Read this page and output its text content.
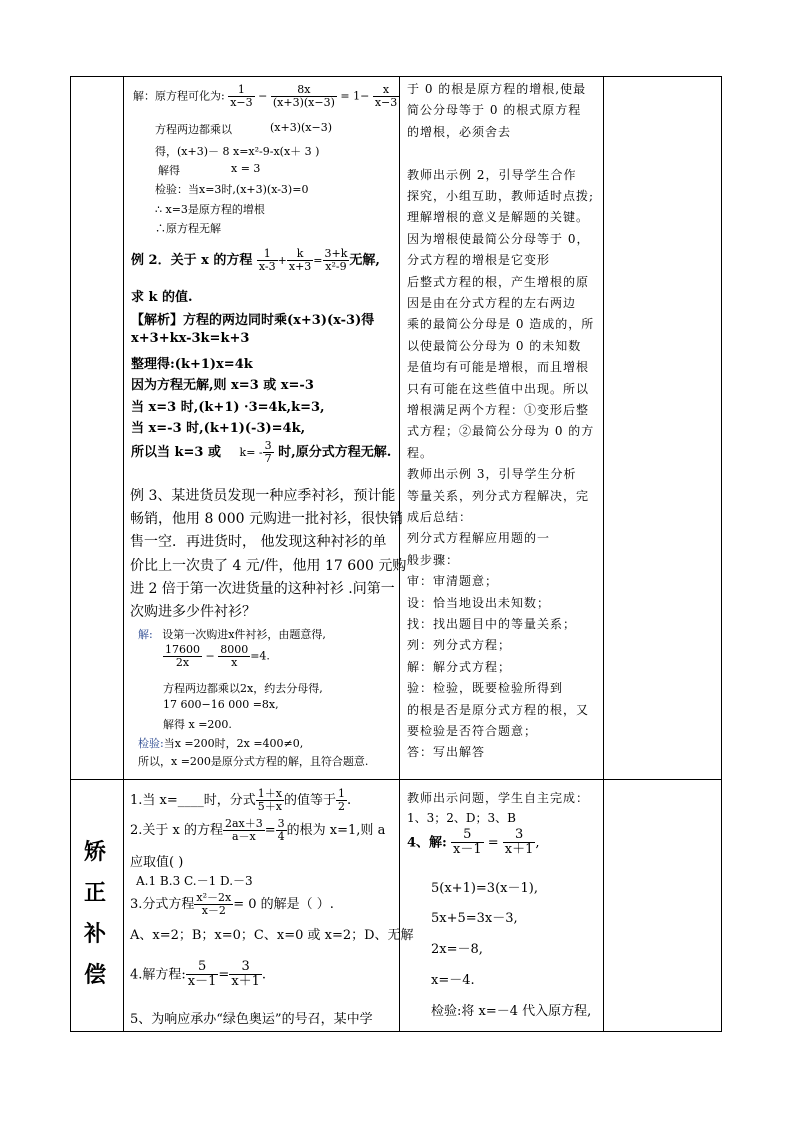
解：原方程可化为: $\frac{1}{x-3} - \frac{8x}{(x+3)(x-3)} = 1- \frac{x}{x-3}$
方程两边都乘以	(x+3)(x−3)
得，(x+3)－ 8 x=x²-9-x(x＋ 3 )
解得	x = 3
检验：当x=3时,(x+3)(x-3)=0
∴ x=3是原方程的增根
∴原方程无解
例 2．关于 x 的方程 $\frac{1}{x-3} + \frac{k}{x+3} = \frac{3+k}{\text{x²-9}}$ 无解,
求 k 的值.
【解析】方程的两边同时乘(x+3)(x-3)得
x+3+kx-3k=k+3
整理得:(k+1)x=4k
因为方程无解,则 x=3 或 x=-3
当 x=3 时,(k+1) ·3=4k,k=3,
当 x=-3 时,(k+1)(-3)=4k,
所以当 k=3 或 $k= - \frac{3}{7}$ 时,原分式方程无解.
例 3、某进货员发现一种应季衬衫，预计能
畅销，他用 8 000 元购进一批衬衫，很快销
售一空．再进货时， 他发现这种衬衫的单
价比上一次贵了 4 元/件，他用 17 600 元购
进 2 倍于第一次进货量的这种衬衫 .问第一
次购进多少件衬衫？
解: 设第一次购进x件衬衫，由题意得,
$\frac{17600}{2x} - \frac{8000}{x} =4$.
方程两边都乘以2x，约去分母得,
17 600−16 000 =8x,
解得 x =200.
检验:当x =200时，2x =400≠0,
所以，x =200是原分式方程的解，且符合题意.
于 0 的根是原方程的增根,使最
简公分母等于 0 的根式原方程
的增根，必须舍去
教师出示例 2，引导学生合作
探究，小组互助，教师适时点拨;
理解增根的意义是解题的关键。
因为增根使最简公分母等于 0，
分式方程的增根是它变形
后整式方程的根，产生增根的原
因是由在分式方程的左右两边
乘的最简公分母是 0 造成的，所
以使最简公分母为 0 的未知数
是值均有可能是增根，而且增根
只有可能在这些值中出现。所以
增根满足两个方程：①变形后整
式方程；②最简公分母为 0 的方
程。
教师出示例 3，引导学生分析
等量关系，列分式方程解决，完
成后总结：
列分式方程解应用题的一
般步骤：
审：审清题意；
设：恰当地设出未知数；
找：找出题目中的等量关系；
列：列分式方程；
解：解分式方程；
验：检验，既要检验所得到
的根是否是原分式方程的根，又
要检验是否符合题意；
答：写出解答
矫
正
补
偿
1.当 x=____时，分式 $\frac{1+x}{5+x}$ 的值等于 $\frac{1}{2}$ .
2.关于 x 的方程 $\frac{2ax+3}{a-x} = \frac{3}{4}$ 的根为 x=1,则 a
应取值( )
A.1 B.3 C.－1 D.－3
3.分式方程 $\frac{\text{x²－2x}}{x-2} = 0$ 的解是（ ）.
A、x=2；B；x=0；C、x=0 或 x=2；D、无解
4.解方程: $\frac{5}{x-1} = \frac{3}{x+1}$ .
5、为响应承办“绿色奥运”的号召，某中学
教师出示问题，学生自主完成：
1、3；2、D；3、B
4、解: $\frac{5}{x-1} = \frac{3}{x+1}$ ,
5(x+1)=3(x－1),
5x+5=3x－3,
2x=－8,
x=－4.
检验:将 x=－4 代入原方程,
